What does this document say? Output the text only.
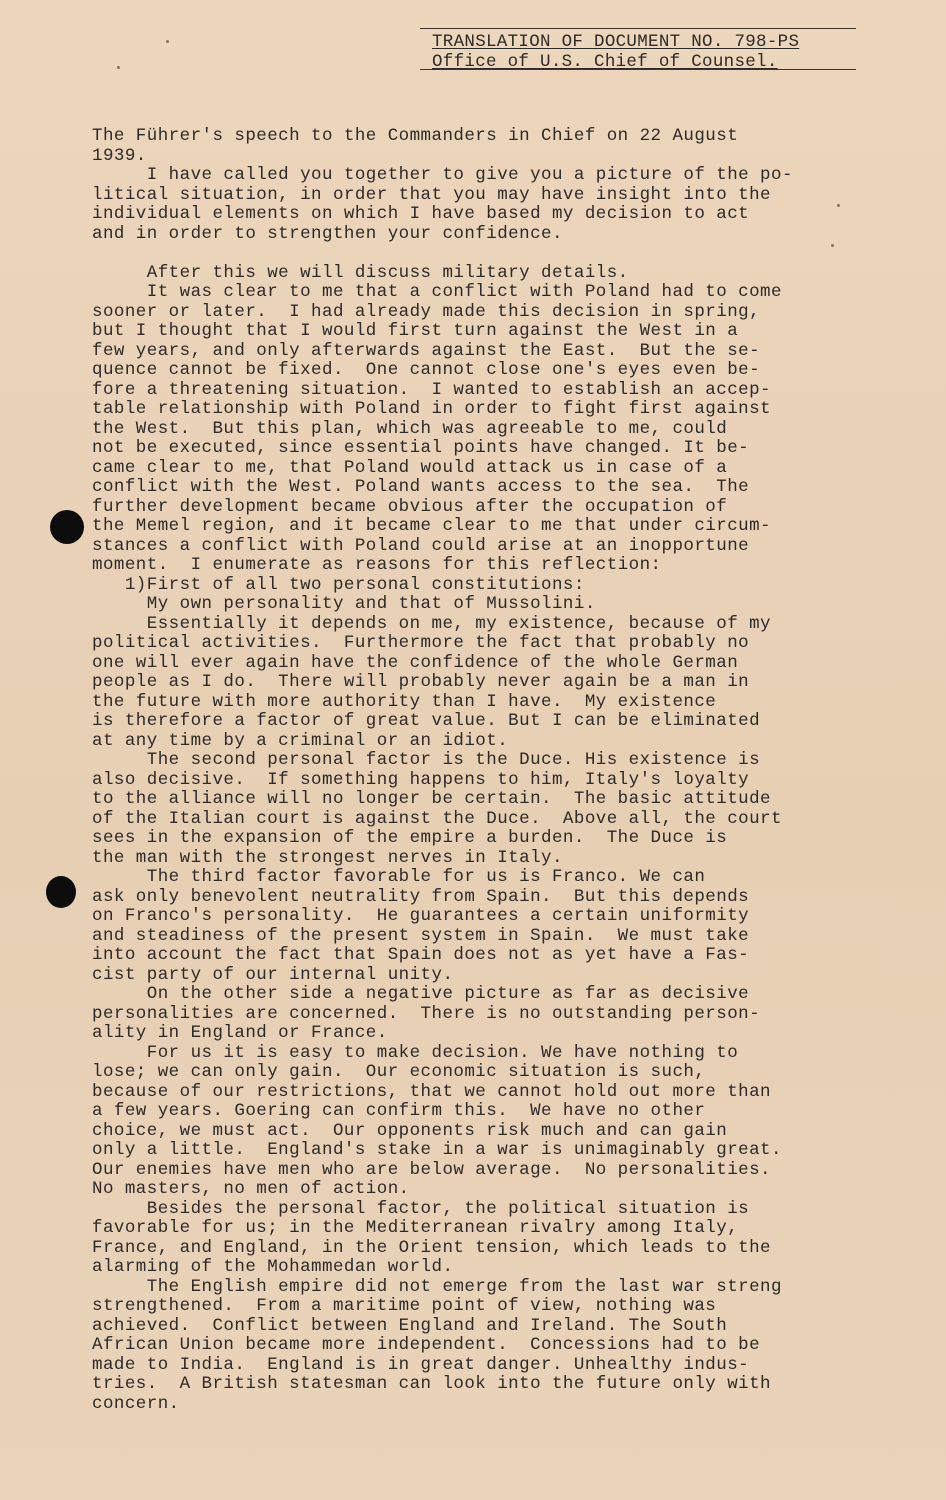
TRANSLATION OF DOCUMENT NO. 798-PS
Office of U.S. Chief of Counsel.
The Führer's speech to the Commanders in Chief on 22 August
1939.
I have called you together to give you a picture of the po-
litical situation, in order that you may have insight into the
individual elements on which I have based my decision to act
and in order to strengthen your confidence.
After this we will discuss military details.
It was clear to me that a conflict with Poland had to come
sooner or later.  I had already made this decision in spring,
but I thought that I would first turn against the West in a
few years, and only afterwards against the East.  But the se-
quence cannot be fixed.  One cannot close one's eyes even be-
fore a threatening situation.  I wanted to establish an accep-
table relationship with Poland in order to fight first against
the West.  But this plan, which was agreeable to me, could
not be executed, since essential points have changed. It be-
came clear to me, that Poland would attack us in case of a
conflict with the West. Poland wants access to the sea.  The
further development became obvious after the occupation of
the Memel region, and it became clear to me that under circum-
stances a conflict with Poland could arise at an inopportune
moment.  I enumerate as reasons for this reflection:
1)First of all two personal constitutions:
My own personality and that of Mussolini.
Essentially it depends on me, my existence, because of my
political activities.  Furthermore the fact that probably no
one will ever again have the confidence of the whole German
people as I do.  There will probably never again be a man in
the future with more authority than I have.  My existence
is therefore a factor of great value. But I can be eliminated
at any time by a criminal or an idiot.
The second personal factor is the Duce. His existence is
also decisive.  If something happens to him, Italy's loyalty
to the alliance will no longer be certain.  The basic attitude
of the Italian court is against the Duce.  Above all, the court
sees in the expansion of the empire a burden.  The Duce is
the man with the strongest nerves in Italy.
The third factor favorable for us is Franco. We can
ask only benevolent neutrality from Spain.  But this depends
on Franco's personality.  He guarantees a certain uniformity
and steadiness of the present system in Spain.  We must take
into account the fact that Spain does not as yet have a Fas-
cist party of our internal unity.
On the other side a negative picture as far as decisive
personalities are concerned.  There is no outstanding person-
ality in England or France.
For us it is easy to make decision. We have nothing to
lose; we can only gain.  Our economic situation is such,
because of our restrictions, that we cannot hold out more than
a few years. Goering can confirm this.  We have no other
choice, we must act.  Our opponents risk much and can gain
only a little.  England's stake in a war is unimaginably great.
Our enemies have men who are below average.  No personalities.
No masters, no men of action.
Besides the personal factor, the political situation is
favorable for us; in the Mediterranean rivalry among Italy,
France, and England, in the Orient tension, which leads to the
alarming of the Mohammedan world.
The English empire did not emerge from the last war streng
strengthened.  From a maritime point of view, nothing was
achieved.  Conflict between England and Ireland. The South
African Union became more independent.  Concessions had to be
made to India.  England is in great danger. Unhealthy indus-
tries.  A British statesman can look into the future only with
concern.
